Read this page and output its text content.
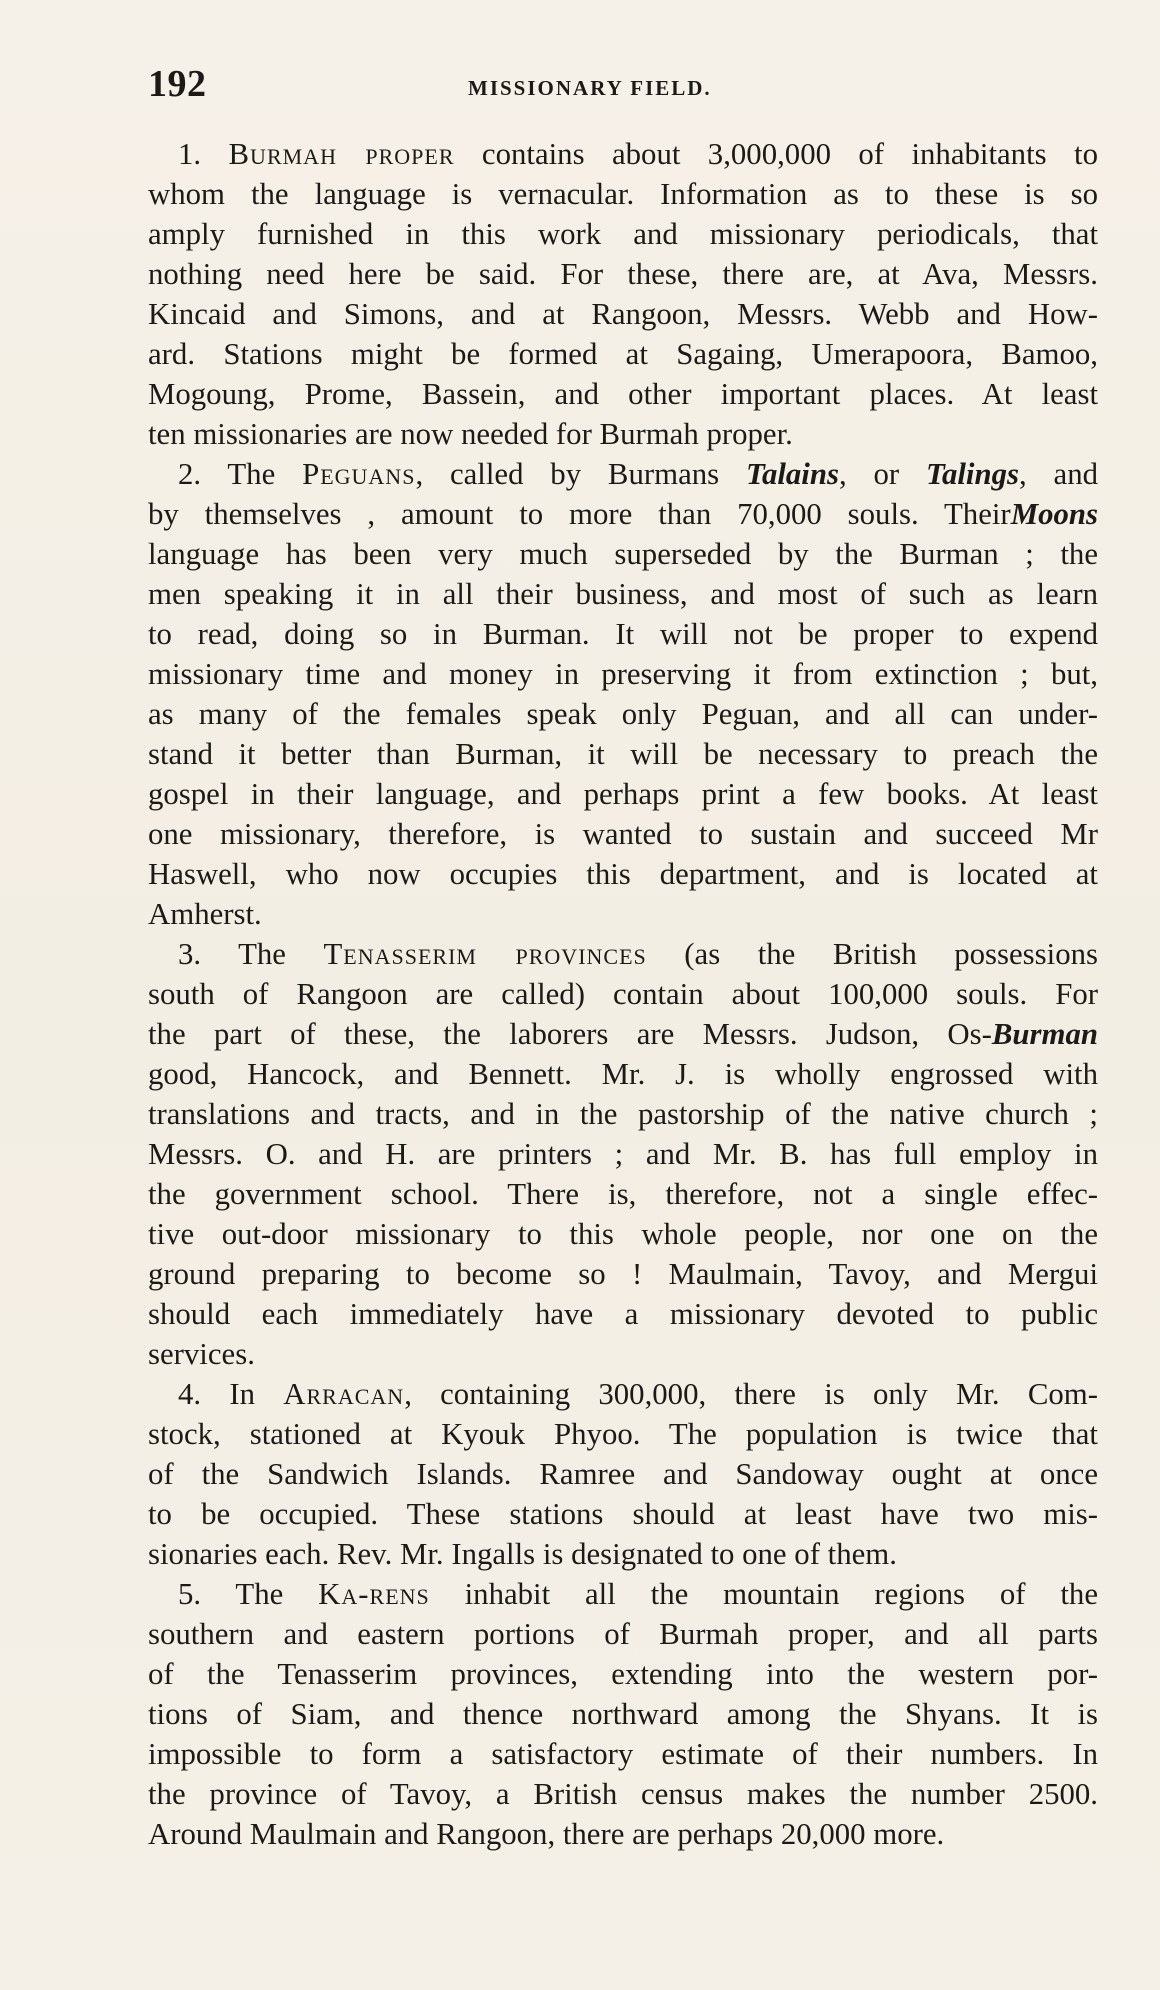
192	MISSIONARY FIELD.
1. Burmah proper contains about 3,000,000 of inhabitants to
whom the language is vernacular. Information as to these is so
amply furnished in this work and missionary periodicals, that
nothing need here be said. For these, there are, at Ava, Messrs.
Kincaid and Simons, and at Rangoon, Messrs. Webb and How-
ard. Stations might be formed at Sagaing, Umerapoora, Bamoo,
Mogoung, Prome, Bassein, and other important places. At least
ten missionaries are now needed for Burmah proper.
2. The Peguans, called by Burmans Talains, or Talings, and
by themselves , amount to more than 70,000 souls. TheirMoons
language has been very much superseded by the Burman ; the
men speaking it in all their business, and most of such as learn
to read, doing so in Burman. It will not be proper to expend
missionary time and money in preserving it from extinction ; but,
as many of the females speak only Peguan, and all can under-
stand it better than Burman, it will be necessary to preach the
gospel in their language, and perhaps print a few books. At least
one missionary, therefore, is wanted to sustain and succeed Mr
Haswell, who now occupies this department, and is located at
Amherst.
3. The Tenasserim provinces (as the British possessions
south of Rangoon are called) contain about 100,000 souls. For
the part of these, the laborers are Messrs. Judson, Os-Burman
good, Hancock, and Bennett. Mr. J. is wholly engrossed with
translations and tracts, and in the pastorship of the native church ;
Messrs. O. and H. are printers ; and Mr. B. has full employ in
the government school. There is, therefore, not a single effec-
tive out-door missionary to this whole people, nor one on the
ground preparing to become so ! Maulmain, Tavoy, and Mergui
should each immediately have a missionary devoted to public
services.
4. In Arracan, containing 300,000, there is only Mr. Com-
stock, stationed at Kyouk Phyoo. The population is twice that
of the Sandwich Islands. Ramree and Sandoway ought at once
to be occupied. These stations should at least have two mis-
sionaries each. Rev. Mr. Ingalls is designated to one of them.
5. The Ka-rens inhabit all the mountain regions of the
southern and eastern portions of Burmah proper, and all parts
of the Tenasserim provinces, extending into the western por-
tions of Siam, and thence northward among the Shyans. It is
impossible to form a satisfactory estimate of their numbers. In
the province of Tavoy, a British census makes the number 2500.
Around Maulmain and Rangoon, there are perhaps 20,000 more.
